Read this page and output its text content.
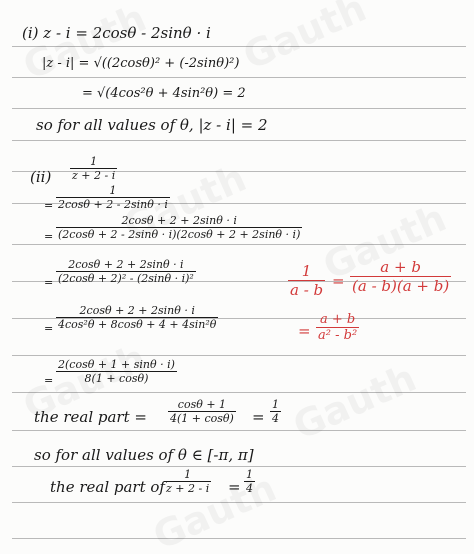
(i) z - i = 2cosθ - 2sinθ · i
|z - i| = √((2cosθ)² + (-2sinθ)²)
= √(4cos²θ + 4sin²θ) = 2
so for all values of θ, |z - i| = 2
$(ii) \frac{1}{z + 2 - i}$
= $\frac{1}{2\cos\theta + 2 - 2\sin\theta \cdot i}$
= $\frac{2\cos\theta + 2 + 2\sin\theta \cdot i}{(2\cos\theta + 2 - 2\sin\theta \cdot i)(2\cos\theta + 2 + 2\sin\theta \cdot i)}$
= $\frac{2\cos\theta + 2 + 2\sin\theta \cdot i}{\text{(2cosθ + 2)² - (2sinθ · i)²}}$
= $\frac{2\cos\theta + 2 + 2\sin\theta \cdot i}{\text{4cos²θ + 8cosθ + 4 + 4sin²θ}}$
= $\frac{2(\cos\theta + 1 + \sin\theta \cdot i)}{8(1 + \cos\theta)}$
the real part = $\frac{\cos\theta + 1}{4(1 + \cos\theta)} = \frac{1}{4}$
so for all values of θ ∈ [-π, π]
the real part of $\frac{1}{z + 2 - i} = \frac{1}{4}$
$\frac{1}{a - b} = \frac{a + b}{(a - b)(a + b)}$
= $\frac{a + b}{\text{a² - b²}}$
